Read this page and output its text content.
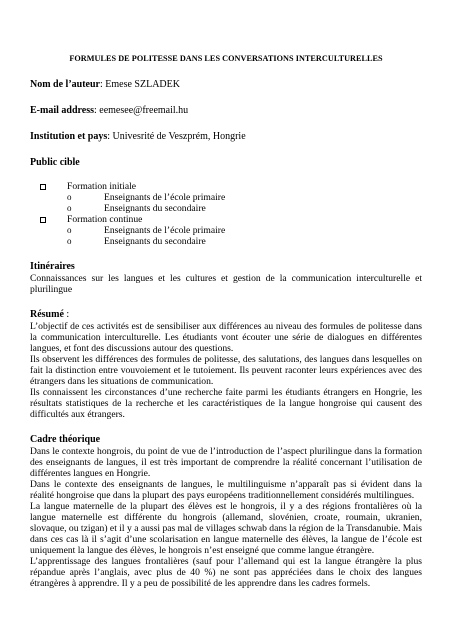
FORMULES DE POLITESSE DANS LES CONVERSATIONS INTERCULTURELLES

Nom de l’auteur: Emese SZLADEK

E-mail address: eemesee@freemail.hu

Institution et pays: Univesrité de Veszprém, Hongrie

Public cible

Formation initiale
o	Enseignants de l’école primaire
o	Enseignants du secondaire
Formation continue
o	Enseignants de l’école primaire
o	Enseignants du secondaire

Itinéraires

Connaissances sur les langues et les cultures et gestion de la communication interculturelle et plurilingue

Résumé :

L’objectif de ces activités est de sensibiliser aux différences au niveau des formules de politesse dans la communication interculturelle. Les étudiants vont écouter une série de dialogues en différentes langues, et font des discussions autour des questions.

Ils observent les différences des formules de politesse, des salutations, des langues dans lesquelles on fait la distinction entre vouvoiement et le tutoiement. Ils peuvent raconter leurs expériences avec des étrangers dans les situations de communication.

Ils connaissent les circonstances d’une recherche faite parmi les étudiants étrangers en Hongrie, les résultats statistiques de la recherche et les caractéristiques de la langue hongroise qui causent des difficultés aux étrangers.

Cadre théorique

Dans le contexte hongrois, du point de vue de l’introduction de l’aspect plurilingue dans la formation des enseignants de langues, il est très important de comprendre la réalité concernant l’utilisation de différentes langues en Hongrie.

Dans le contexte des enseignants de langues, le multilinguisme n’apparaît pas si évident dans la réalité hongroise que dans la plupart des pays européens traditionnellement considérés multilingues.

La langue maternelle de la plupart des élèves est le hongrois, il y a des régions frontalières où la langue maternelle est différente du hongrois (allemand, slovénien, croate, roumain, ukranien, slovaque, ou tzigan) et il y a aussi pas mal de villages schwab dans la région de la Transdanubie. Mais dans ces cas là il s’agit d’une scolarisation en langue maternelle des élèves, la langue de l’école est uniquement la langue des élèves, le hongrois n’est enseigné que comme langue étrangère.

L’apprentissage des langues frontalières (sauf pour l’allemand qui est la langue étrangère la plus répandue après l’anglais, avec plus de 40 %) ne sont pas appréciées dans le choix des langues étrangères à apprendre. Il y a peu de possibilité de les apprendre dans les cadres formels.
